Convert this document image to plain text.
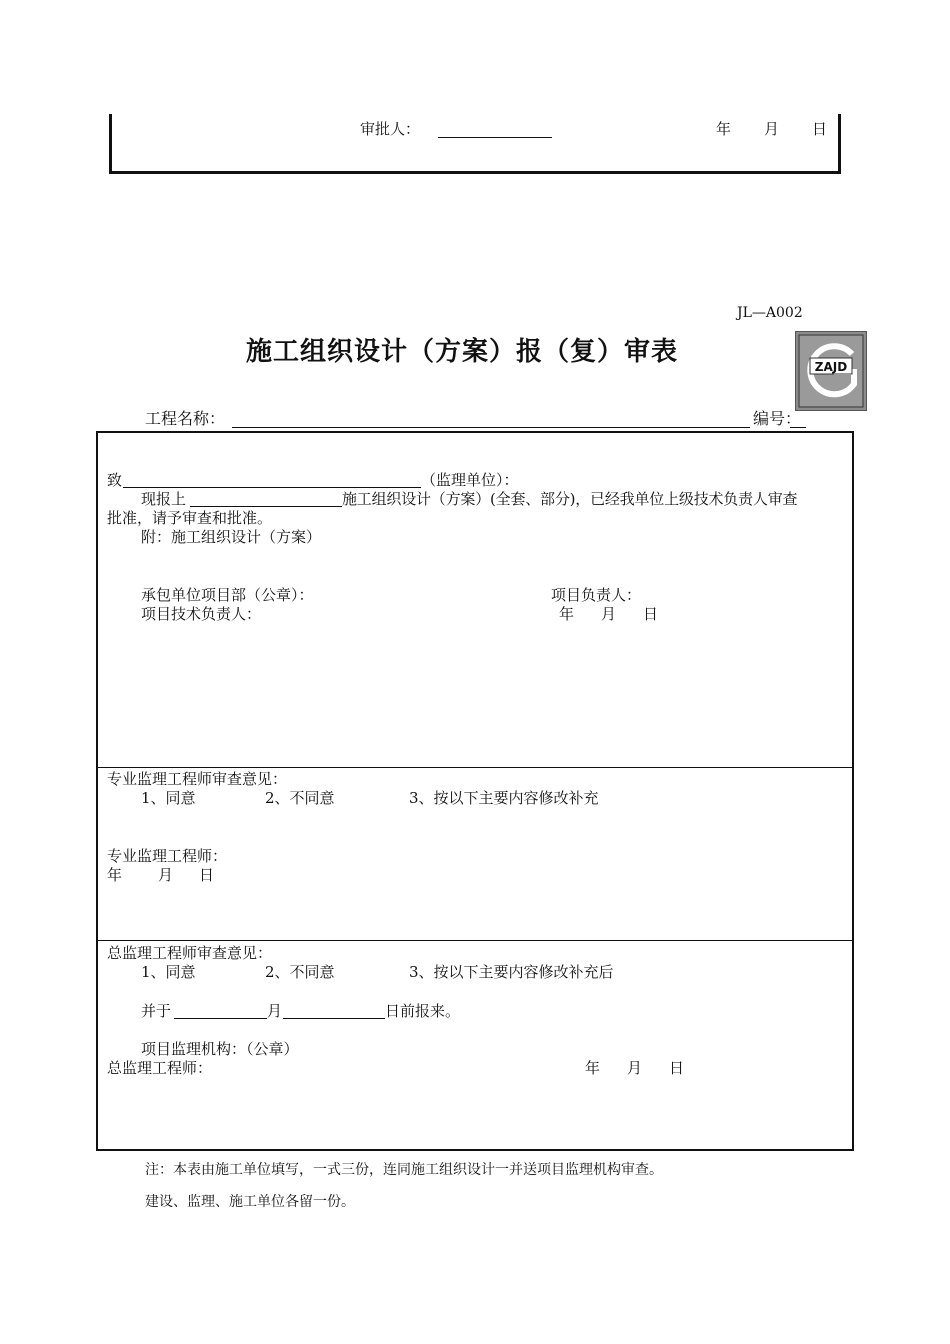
审批人：	年 月 日
JL—A002
施工组织设计（方案）报（复）审表	ZAJD
工程名称：	编号：
致	（监理单位）：
现报上	施工组织设计（方案）(全套、部分)，已经我单位上级技术负责人审查
批准，请予审查和批准。
附：施工组织设计（方案）
承包单位项目部（公章）：	项目负责人：
项目技术负责人：	年 月 日
专业监理工程师审查意见：
1、同意	2、不同意	3、按以下主要内容修改补充
专业监理工程师：
年 月 日
总监理工程师审查意见：
1、同意	2、不同意	3、按以下主要内容修改补充后
并于	月	日前报来。
项目监理机构：（公章）
总监理工程师：	年 月 日
注：本表由施工单位填写，一式三份，连同施工组织设计一并送项目监理机构审查。
建设、监理、施工单位各留一份。
